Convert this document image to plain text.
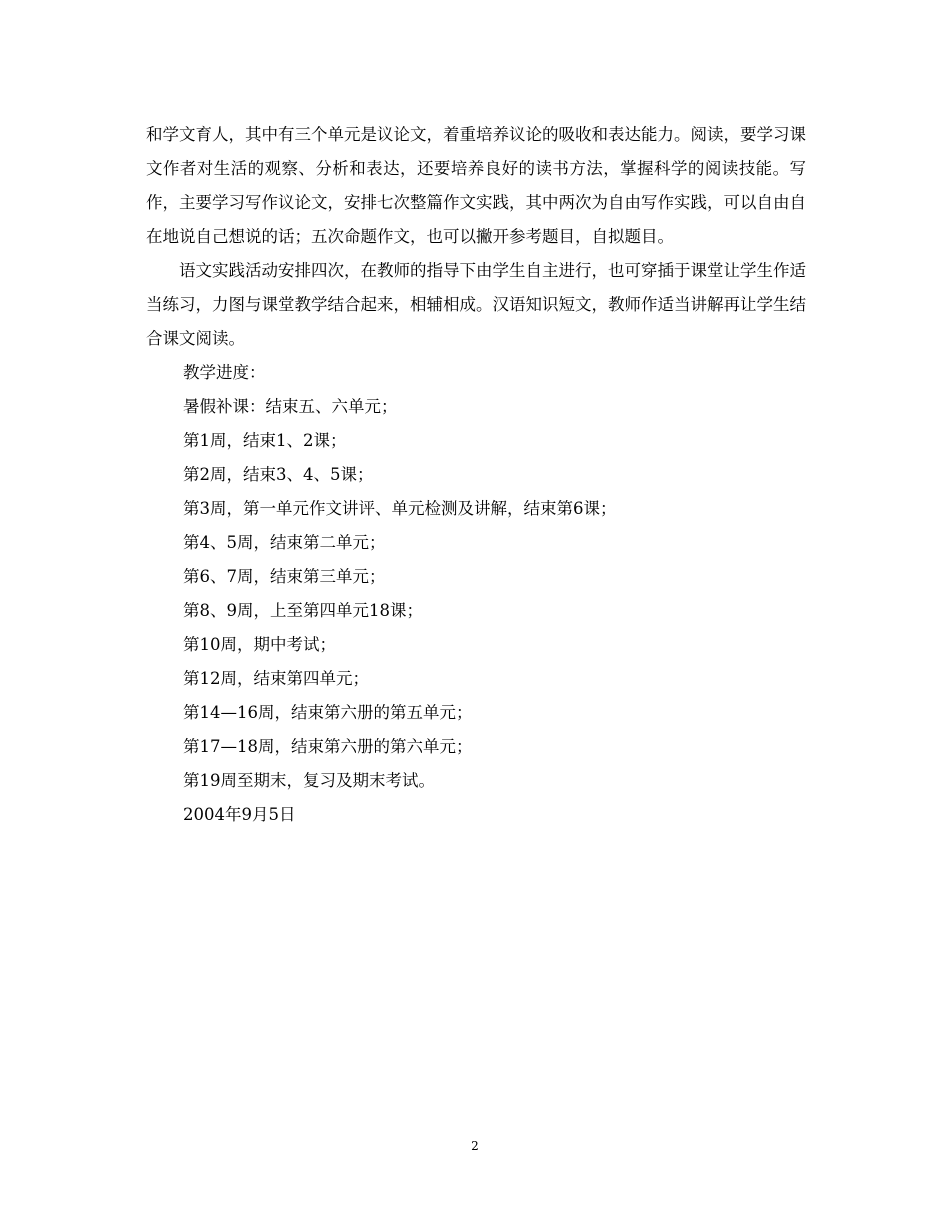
和学文育人，其中有三个单元是议论文，着重培养议论的吸收和表达能力。阅读，要学习课文作者对生活的观察、分析和表达，还要培养良好的读书方法，掌握科学的阅读技能。写作，主要学习写作议论文，安排七次整篇作文实践，其中两次为自由写作实践，可以自由自在地说自己想说的话；五次命题作文，也可以撇开参考题目，自拟题目。

语文实践活动安排四次，在教师的指导下由学生自主进行，也可穿插于课堂让学生作适当练习，力图与课堂教学结合起来，相辅相成。汉语知识短文，教师作适当讲解再让学生结合课文阅读。

教学进度：

暑假补课：结束五、六单元；

第1周，结束1、2课；

第2周，结束3、4、5课；

第3周，第一单元作文讲评、单元检测及讲解，结束第6课；

第4、5周，结束第二单元；

第6、7周，结束第三单元；

第8、9周，上至第四单元18课；

第10周，期中考试；

第12周，结束第四单元；

第14—16周，结束第六册的第五单元；

第17—18周，结束第六册的第六单元；

第19周至期末，复习及期末考试。

2004年9月5日

2
